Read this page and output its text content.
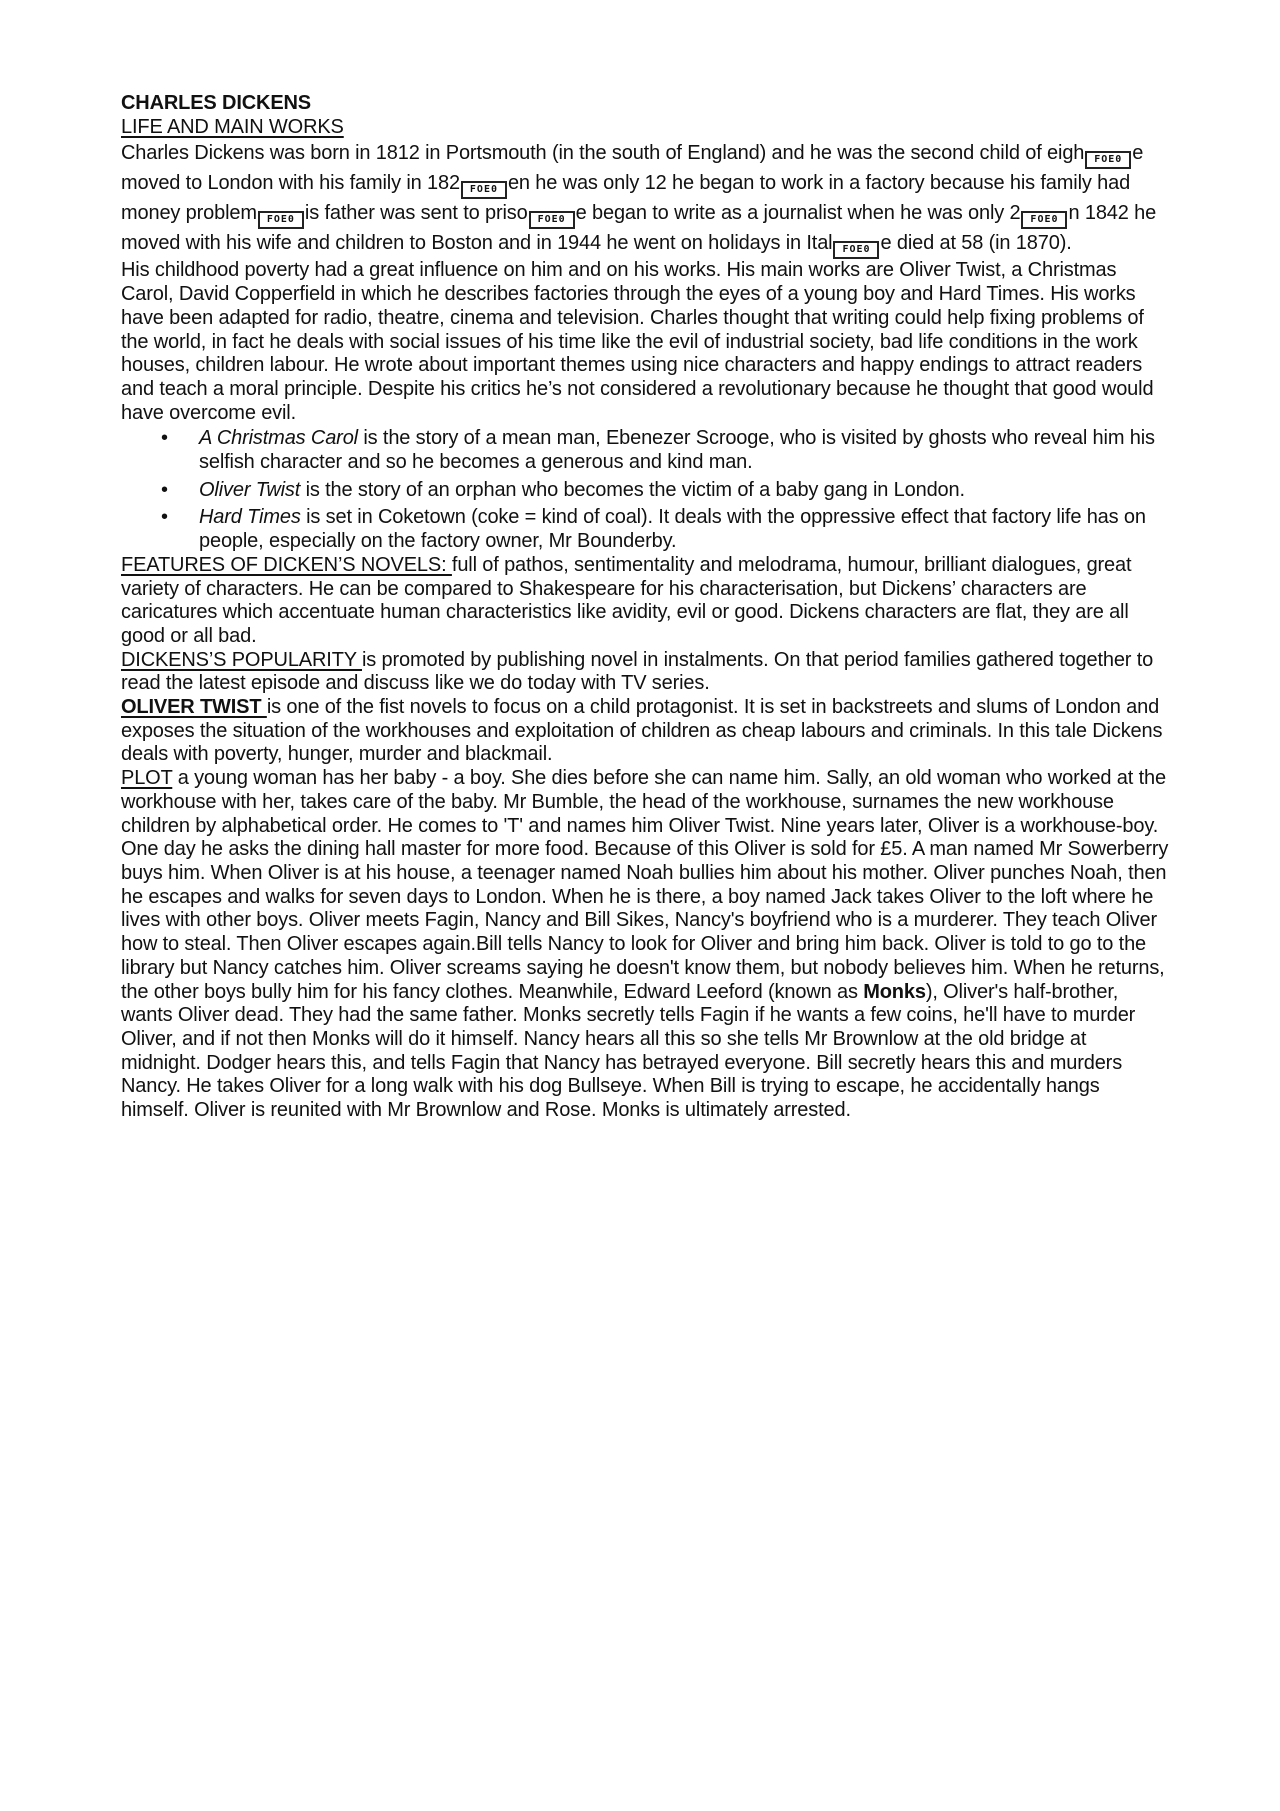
CHARLES DICKENS

LIFE AND MAIN WORKS

Charles Dickens was born in 1812 in Portsmouth (in the south of England) and he was the second child of eigh FOE0 e moved to London with his family in 182 FOE0 en he was only 12 he began to work in a factory because his family had money problem FOE0 is father was sent to priso FOE0 e began to write as a journalist when he was only 2 FOE0 n 1842 he moved with his wife and children to Boston and in 1944 he went on holidays in Ital FOE0 e died at 58 (in 1870).

His childhood poverty had a great influence on him and on his works. His main works are Oliver Twist, a Christmas Carol, David Copperfield in which he describes factories through the eyes of a young boy and Hard Times. His works have been adapted for radio, theatre, cinema and television. Charles thought that writing could help fixing problems of the world, in fact he deals with social issues of his time like the evil of industrial society, bad life conditions in the work houses, children labour. He wrote about important themes using nice characters and happy endings to attract readers and teach a moral principle. Despite his critics he’s not considered a revolutionary because he thought that good would have overcome evil.

• A Christmas Carol is the story of a mean man, Ebenezer Scrooge, who is visited by ghosts who reveal him his selfish character and so he becomes a generous and kind man.
• Oliver Twist is the story of an orphan who becomes the victim of a baby gang in London.
• Hard Times is set in Coketown (coke = kind of coal). It deals with the oppressive effect that factory life has on people, especially on the factory owner, Mr Bounderby.

FEATURES OF DICKEN’S NOVELS: full of pathos, sentimentality and melodrama, humour, brilliant dialogues, great variety of characters. He can be compared to Shakespeare for his characterisation, but Dickens’ characters are caricatures which accentuate human characteristics like avidity, evil or good. Dickens characters are flat, they are all good or all bad.

DICKENS’S POPULARITY is promoted by publishing novel in instalments. On that period families gathered together to read the latest episode and discuss like we do today with TV series.

OLIVER TWIST is one of the fist novels to focus on a child protagonist. It is set in backstreets and slums of London and exposes the situation of the workhouses and exploitation of children as cheap labours and criminals. In this tale Dickens deals with poverty, hunger, murder and blackmail.

PLOT a young woman has her baby - a boy. She dies before she can name him. Sally, an old woman who worked at the workhouse with her, takes care of the baby. Mr Bumble, the head of the workhouse, surnames the new workhouse children by alphabetical order. He comes to 'T' and names him Oliver Twist. Nine years later, Oliver is a workhouse-boy. One day he asks the dining hall master for more food. Because of this Oliver is sold for £5. A man named Mr Sowerberry buys him. When Oliver is at his house, a teenager named Noah bullies him about his mother. Oliver punches Noah, then he escapes and walks for seven days to London. When he is there, a boy named Jack takes Oliver to the loft where he lives with other boys. Oliver meets Fagin, Nancy and Bill Sikes, Nancy's boyfriend who is a murderer. They teach Oliver how to steal. Then Oliver escapes again.Bill tells Nancy to look for Oliver and bring him back. Oliver is told to go to the library but Nancy catches him. Oliver screams saying he doesn't know them, but nobody believes him. When he returns, the other boys bully him for his fancy clothes. Meanwhile, Edward Leeford (known as Monks), Oliver's half-brother, wants Oliver dead. They had the same father. Monks secretly tells Fagin if he wants a few coins, he'll have to murder Oliver, and if not then Monks will do it himself. Nancy hears all this so she tells Mr Brownlow at the old bridge at midnight. Dodger hears this, and tells Fagin that Nancy has betrayed everyone. Bill secretly hears this and murders Nancy. He takes Oliver for a long walk with his dog Bullseye. When Bill is trying to escape, he accidentally hangs himself. Oliver is reunited with Mr Brownlow and Rose. Monks is ultimately arrested.
